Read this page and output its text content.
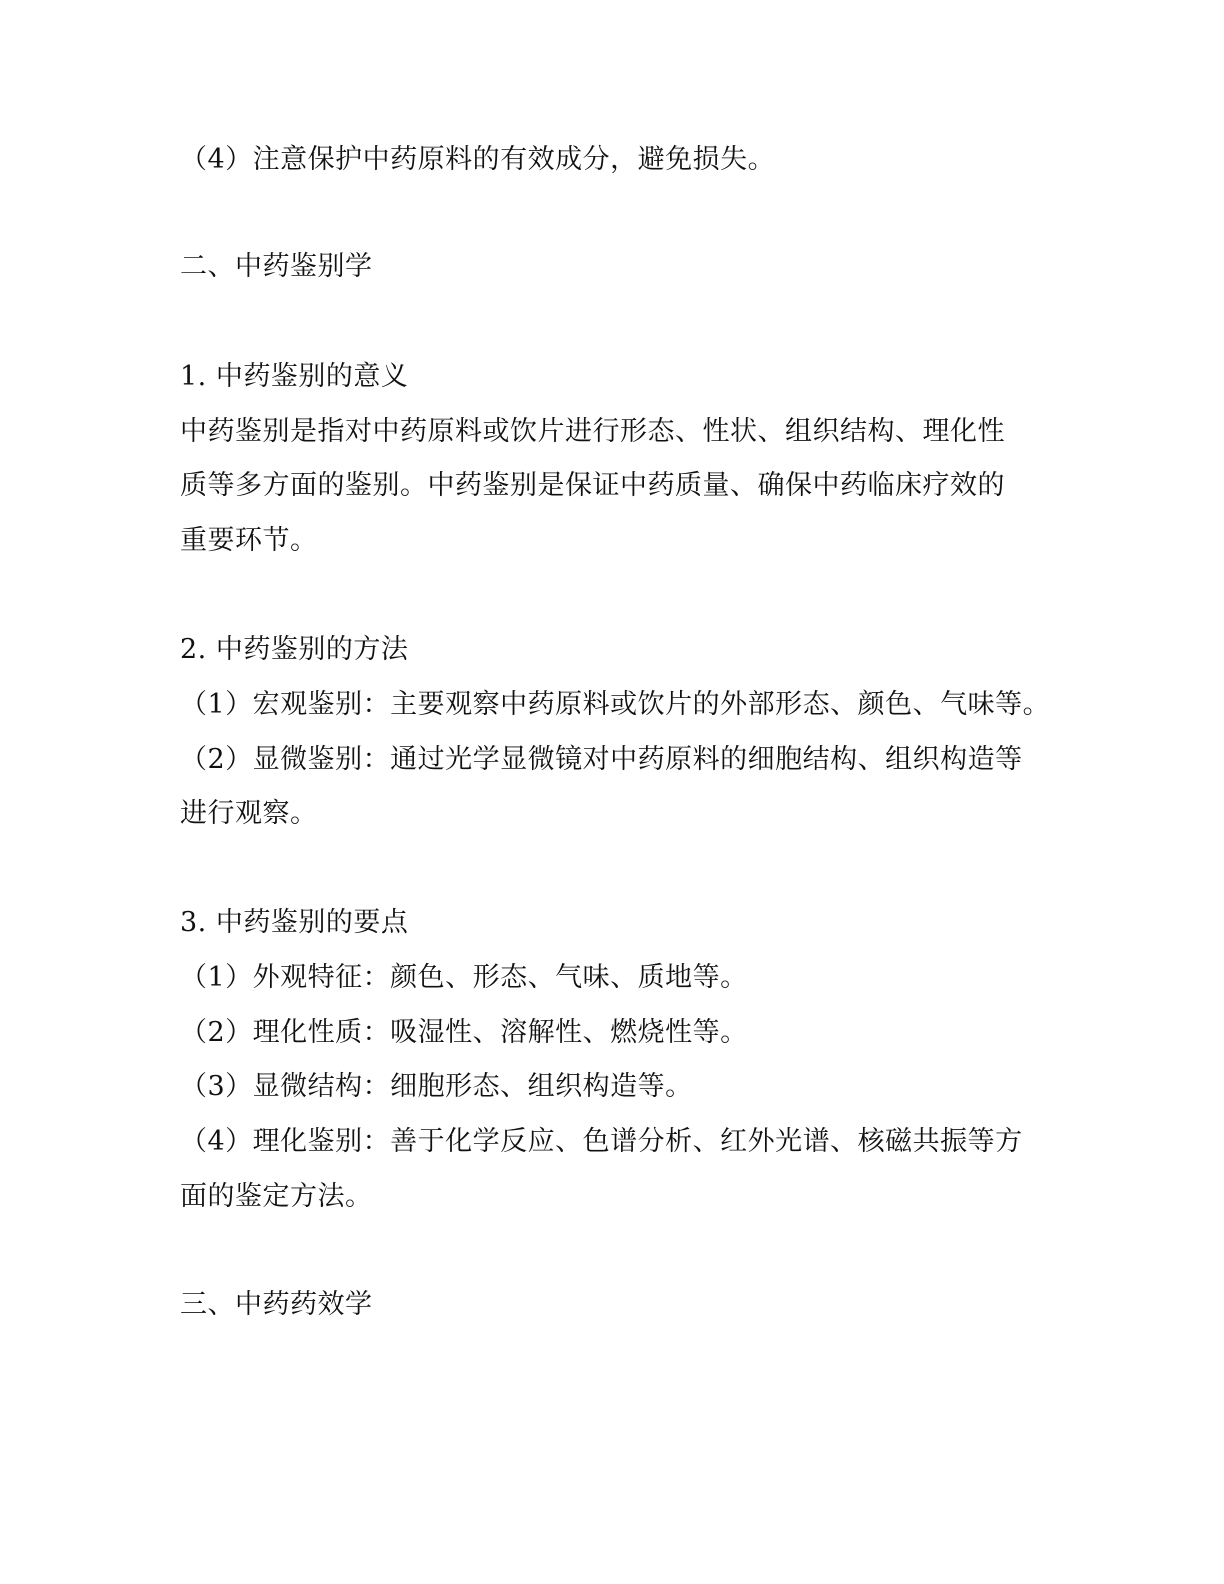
（4）注意保护中药原料的有效成分，避免损失。
二、中药鉴别学
1. 中药鉴别的意义
中药鉴别是指对中药原料或饮片进行形态、性状、组织结构、理化性
质等多方面的鉴别。中药鉴别是保证中药质量、确保中药临床疗效的
重要环节。
2. 中药鉴别的方法
（1）宏观鉴别：主要观察中药原料或饮片的外部形态、颜色、气味等。
（2）显微鉴别：通过光学显微镜对中药原料的细胞结构、组织构造等
进行观察。
3. 中药鉴别的要点
（1）外观特征：颜色、形态、气味、质地等。
（2）理化性质：吸湿性、溶解性、燃烧性等。
（3）显微结构：细胞形态、组织构造等。
（4）理化鉴别：善于化学反应、色谱分析、红外光谱、核磁共振等方
面的鉴定方法。
三、中药药效学
